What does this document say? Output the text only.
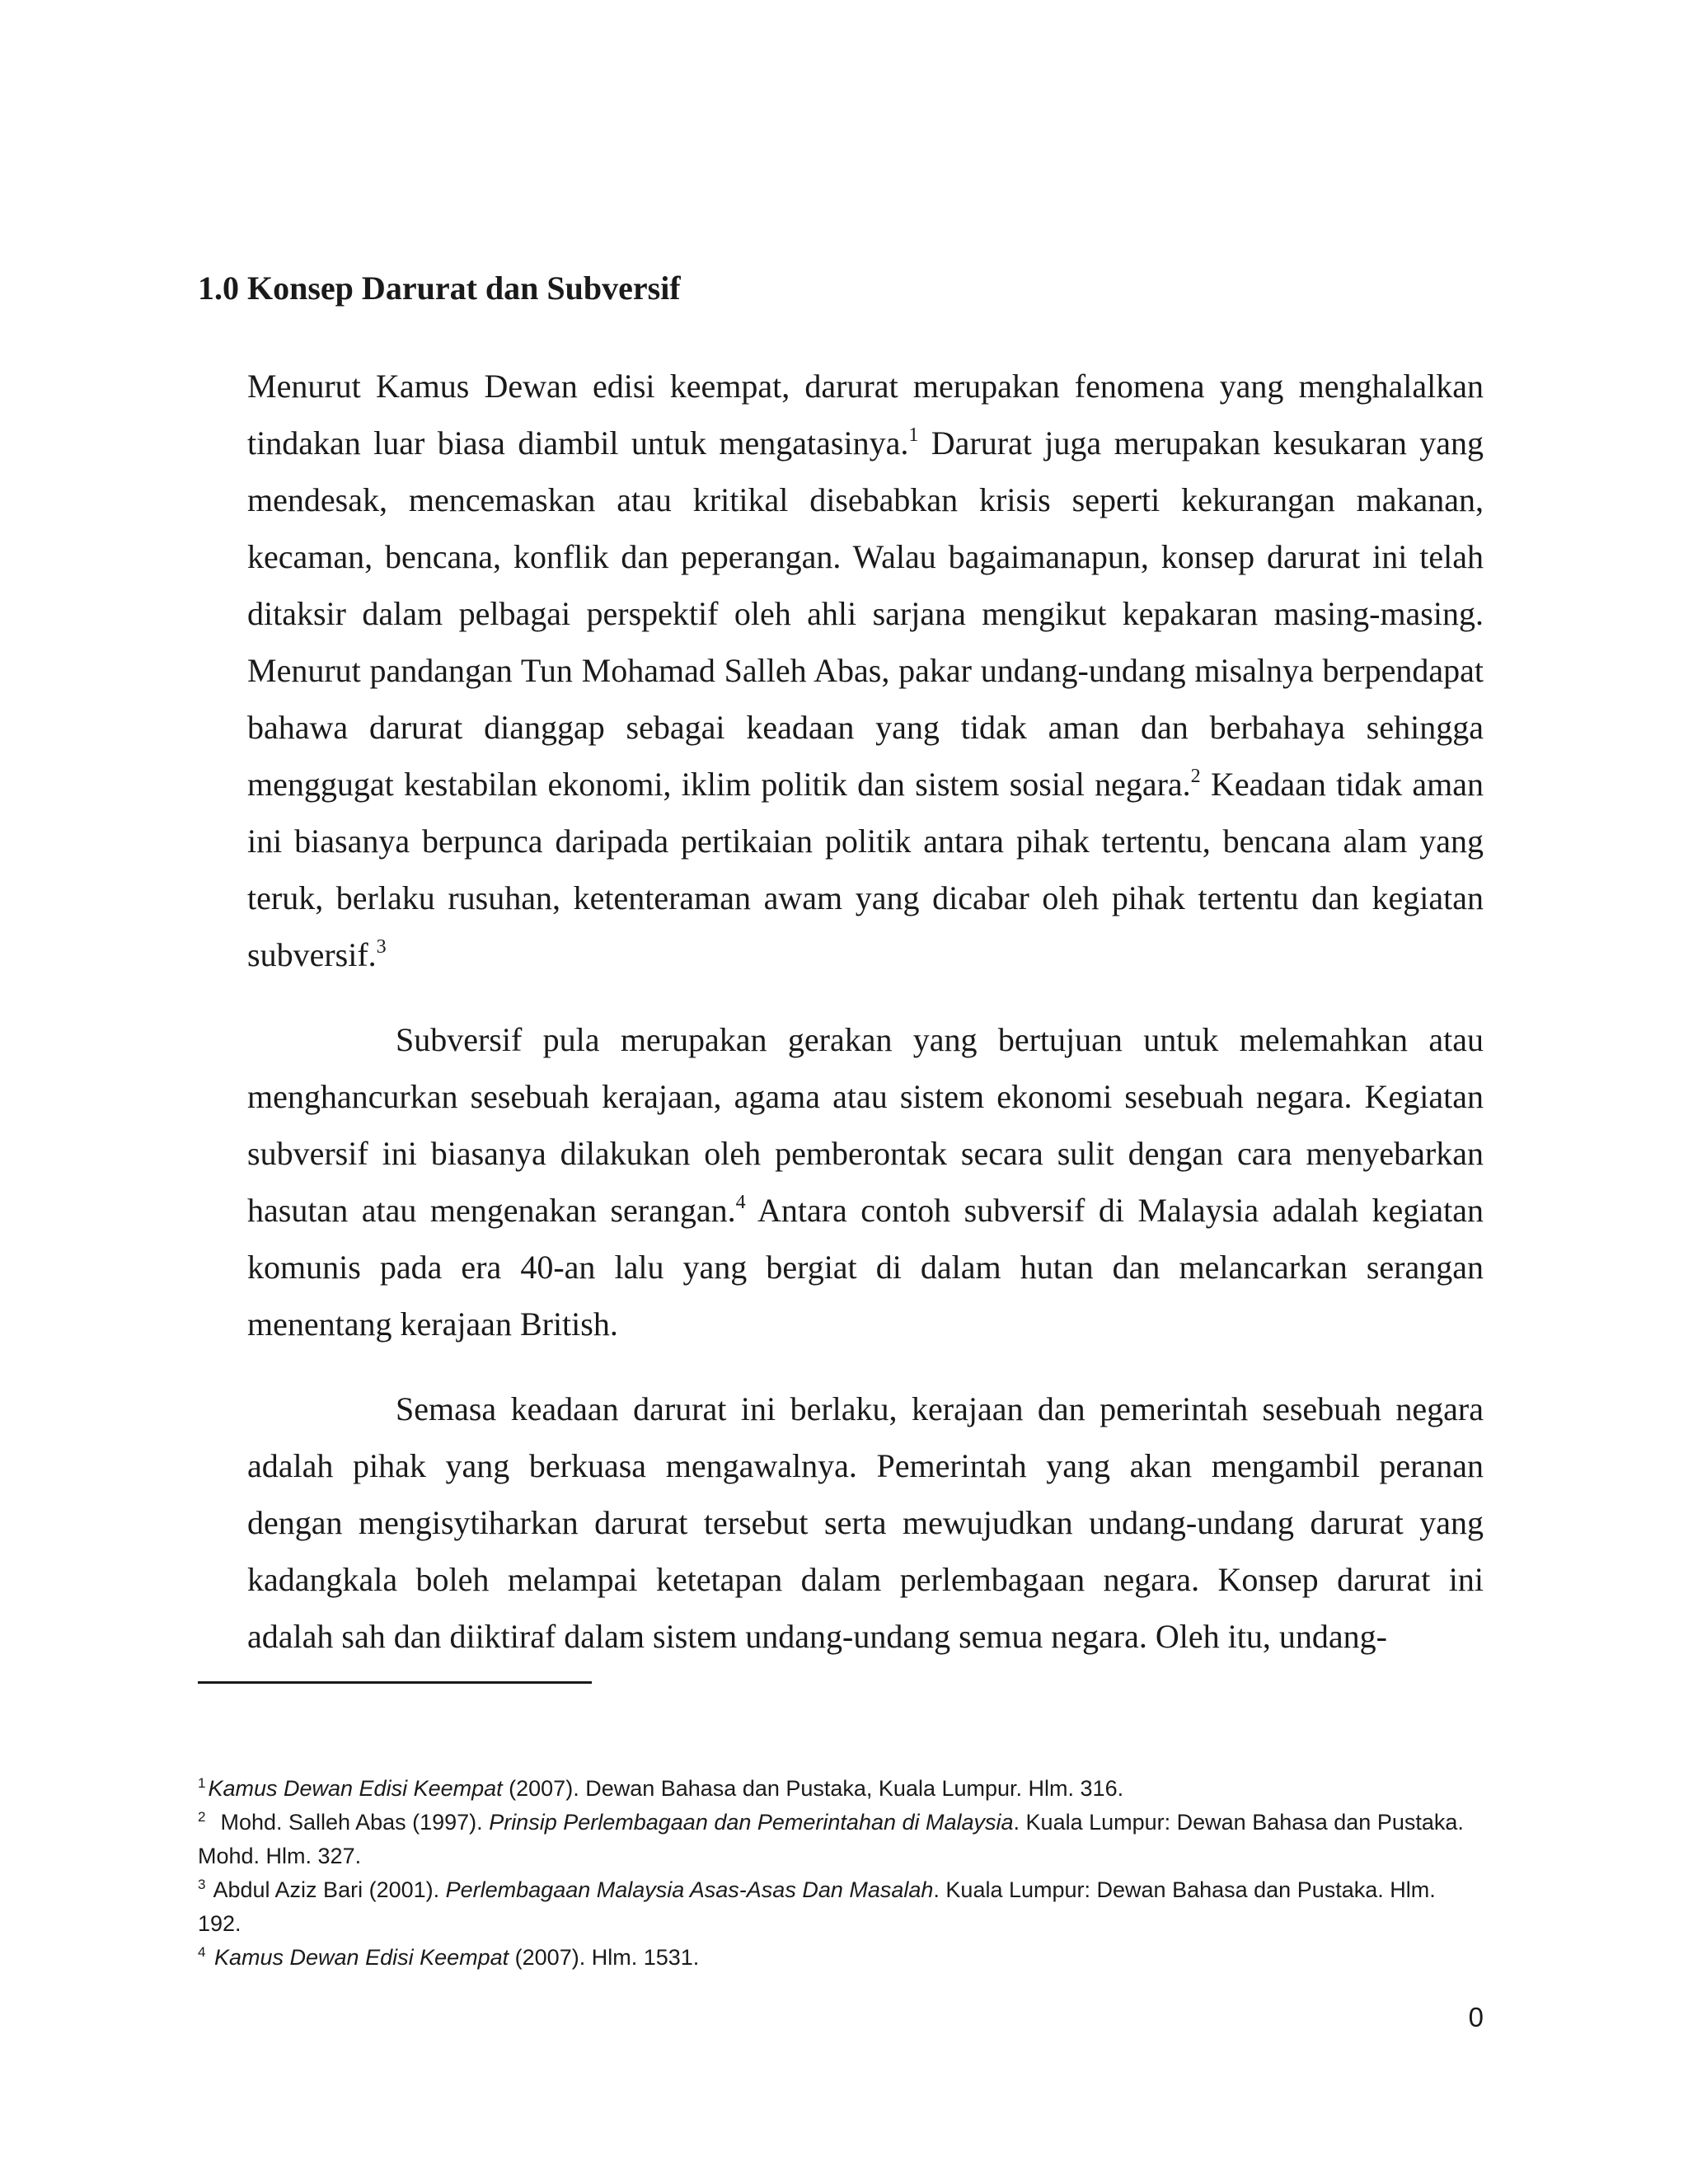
1.0 Konsep Darurat dan Subversif

Menurut Kamus Dewan edisi keempat, darurat merupakan fenomena yang menghalalkan tindakan luar biasa diambil untuk mengatasinya.$^1$ Darurat juga merupakan kesukaran yang mendesak, mencemaskan atau kritikal disebabkan krisis seperti kekurangan makanan, kecaman, bencana, konflik dan peperangan. Walau bagaimanapun, konsep darurat ini telah ditaksir dalam pelbagai perspektif oleh ahli sarjana mengikut kepakaran masing-masing. Menurut pandangan Tun Mohamad Salleh Abas, pakar undang-undang misalnya berpendapat bahawa darurat dianggap sebagai keadaan yang tidak aman dan berbahaya sehingga menggugat kestabilan ekonomi, iklim politik dan sistem sosial negara.$^2$ Keadaan tidak aman ini biasanya berpunca daripada pertikaian politik antara pihak tertentu, bencana alam yang teruk, berlaku rusuhan, ketenteraman awam yang dicabar oleh pihak tertentu dan kegiatan subversif.$^3$

Subversif pula merupakan gerakan yang bertujuan untuk melemahkan atau menghancurkan sesebuah kerajaan, agama atau sistem ekonomi sesebuah negara. Kegiatan subversif ini biasanya dilakukan oleh pemberontak secara sulit dengan cara menyebarkan hasutan atau mengenakan serangan.$^4$ Antara contoh subversif di Malaysia adalah kegiatan komunis pada era 40-an lalu yang bergiat di dalam hutan dan melancarkan serangan menentang kerajaan British.

Semasa keadaan darurat ini berlaku, kerajaan dan pemerintah sesebuah negara adalah pihak yang berkuasa mengawalnya. Pemerintah yang akan mengambil peranan dengan mengisytiharkan darurat tersebut serta mewujudkan undang-undang darurat yang kadangkala boleh melampai ketetapan dalam perlembagaan negara. Konsep darurat ini adalah sah dan diiktiraf dalam sistem undang-undang semua negara. Oleh itu, undang-

$^1$ Kamus Dewan Edisi Keempat (2007). Dewan Bahasa dan Pustaka, Kuala Lumpur. Hlm. 316.

$^2$  Mohd. Salleh Abas (1997). Prinsip Perlembagaan dan Pemerintahan di Malaysia. Kuala Lumpur: Dewan Bahasa dan Pustaka. Mohd. Hlm. 327.

$^3$ Abdul Aziz Bari (2001). Perlembagaan Malaysia Asas-Asas Dan Masalah. Kuala Lumpur: Dewan Bahasa dan Pustaka. Hlm. 192.

$^4$ Kamus Dewan Edisi Keempat (2007). Hlm. 1531.

0
